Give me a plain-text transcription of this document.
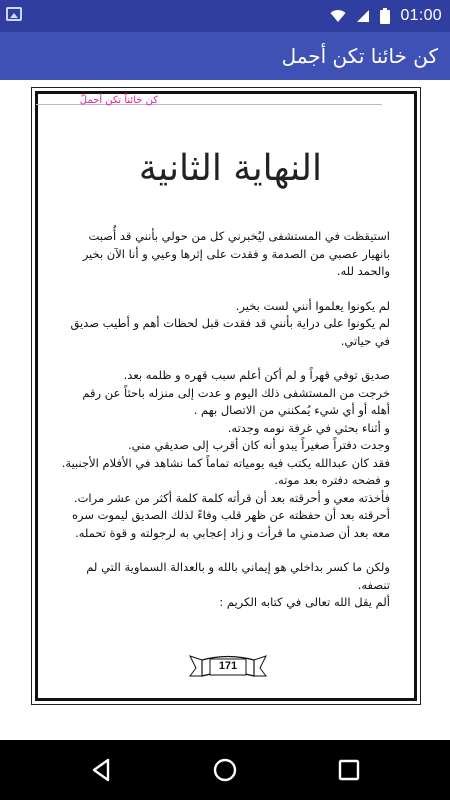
01:00
كن خائنا تكن أجمل
كن خائناً تكن أجملّ
النهاية الثانية

استيقظت في المستشفى ليُخبرني كل من حولي بأنني قد أُصبت بانهيار عصبي من الصدمة و فقدت على إثرها وعيي و أنا الآن بخير والحمد لله.

لم يكونوا يعلموا أنني لست بخير.

لم يكونوا على دراية بأنني قد فقدت قبل لحظات أهم و أطيب صديق في حياتي.

صديق توفي قهراً و لم أكن أعلم سبب قهره و ظلمه بعد.

خرجت من المستشفى ذلك اليوم و عدت إلى منزله باحثاً عن رقم أهله أو أي شيء يُمكنني من الاتصال بهم .

و أثناء بحثي في غرفة نومه وجدته.

وجدت دفتراً صغيراً يبدو أنه كان أقرب إلى صديقي مني.

فقد كان عبدالله يكتب فيه يومياته تماماً كما نشاهد في الأفلام الأجنبية.

و فضحه دفتره بعد موته.

فأخذته معي و أحرقته بعد أن قرأته كلمة كلمة أكثر من عشر مرات.

أحرقته بعد أن حفظته عن ظهر قلب وفاءً لذلك الصديق ليموت سره معه بعد أن صدمني ما قرأت و زاد إعجابي به لرجولته و قوة تحمله.

ولكن ما كسر بداخلي هو إيماني بالله و بالعدالة السماوية التي لم تنصفه.

ألم يقل الله تعالى في كتابه الكريم :

171
